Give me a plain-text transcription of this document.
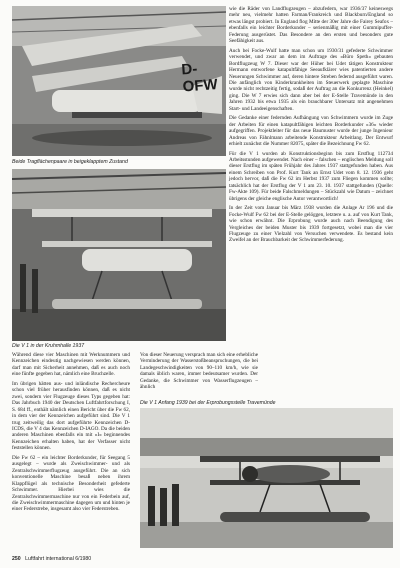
D-OFW
Beide Tragflächenpaare in beigeklapptem Zustand
Die V 1 in der Kruhmhalle 1937

wie die Räder von Landflugzeugen – abzufedern, war 1936/37 keineswegs mehr neu, vielmehr hatten Farman/Frankreich und Blackburn/England so etwas längst probiert. In England flog Mitte der 30er Jahre die Fairey Seafox – ebenfalls ein leichter Borderkunder – serienmäßig mit einer Gummipuffer-Federung ausgerüstet. Das Besondere an den ersten und besonders gute Seefähigkeit aus.

Auch bei Focke-Wulf hatte man schon um 1930/31 gefederte Schwimmer verwendet, und zwar an dem im Auftrage des »Büro Speth« gebauten Bordflugzeug W 7. Dieser war der Hüher bei Udet tätigen Konstrukteur Hermann entworfene katapultfähige Seeaufklärer wies patentierten andere Neuerungen Schwimmer auf, deren hintere Streben federnd ausgeführt waren. Die anfänglich von Kinderkrankheiten im Steuerwerk geplagte Maschine wurde nicht rechtzeitig fertig, sodaß der Auftrag an die Konkurrenz (Heinkel) ging. Die W 7 erwies sich dann aber bei der E-Stelle Travemünde in den Jahren 1932 bis etwa 1935 als ein brauchbarer Untersatz mit angenehmen Start- und Landeeigenschaften.

Die Gedanke einer federnden Aufhängung von Schwimmern wurde im Zuge der Arbeiten für einen katapultfähigen leichten Borderkunder »36« wieder aufgegriffen. Projektleiter für das neue Baumuster wurde der junge Ingenieur Andreas von Fähnlmann arbeitende Konstrukteur Arbeitlang. Der Entwurf erhielt zunächst die Nummer 82075, später die Bezeichnung Fw 62.

Für die V 1 wurden ab Konstruktionsbeginn bis zum Erstflug 112734 Arbeitsstunden aufgewendet. Nach einer – falschen – englischen Meldung soll dieser Erstflug im späten Frühjahr des Jahres 1937 stattgefunden haben. Aus einem Schreiben von Prof. Kurt Tank an Ernst Udet vom 8. 12. 1936 geht jedoch hervor, daß die Fw 62 im Herbst 1937 zum Fliegen kommen sollte; tatsächlich hat der Erstflug der V 1 am 23. 10. 1937 stattgefunden (Quelle: Fw-Akte 109). Für beide Falschmeldungen – Stückzahl wie Datum – zeichnet übrigens der gleiche englische Autor verantwortlich!

In der Zeit vom Januar bis März 1938 wurden die Anlage Ar 196 und die Focke-Wulf Fw 62 bei der E-Stelle gelöggen, letztere u. a. auf von Kurt Tank, wie schon erwähnt. Die Erprobung wurde auch nach Beendigung des Vergleiches der beiden Muster bis 1939 fortgesetzt, wobei man die vier Flugzeuge zu einer Vielzahl von Versuchen verwendete. Es bestand kein Zweifel an der Brauchbarkeit der Schwimmerfederung.

Während diese vier Maschinen mit Werknummern und Kennzeichen eindeutig nachgewiesen werden können, darf man mit Sicherheit annehmen, daß es auch noch eine fünfte gegeben hat, nämlich eine Bruchzelle.

Im übrigen hätten aus- und inländische Rechercheure schon viel früher herausfinden können, daß es nicht zwei, sondern vier Flugzeuge dieses Typs gegeben hat: Das Jahrbuch 1940 der Deutschen Luftfahrtforschung I, S. 684 ff., enthält nämlich einen Bericht über die Fw 62, in dem vier der Kennzeichen aufgeführt sind. Die V 1 trug zeitweilig das dort aufgeführte Kennzeichen D-ICDS, die V 4 das Kennzeichen D-IAGO. Da die beiden anderen Maschinen ebenfalls ein mit »I« beginnendes Kennzeichen erhalten haben, hat der Verfasser nicht feststellen können.

Die Fw 62 – ein leichter Borderkunder, für Seegang 5 ausgelegt – wurde als Zweischwimmer- und als Zentralschwimmerflugzeug ausgeführt. Die an sich konventionelle Maschine besaß neben ihrem Klappflügel als technische Besonderheit gefederte Schwimmer. Hierbei wies die Zentralschwimmermaschine nur von ein Federbein auf, die Zweischwimmermaschine dagegen um und hinten je einer Federstrebe, insgesamt also vier Federstreben.

Von dieser Neuerung versprach man sich eine erhebliche Verminderung der Wasserstoßbeanspruchungen, die bei Landegeschwindigkeiten von 90–110 km/h, wie sie damals üblich waren, immer bedeutsamer wurden. Der Gedanke, die Schwimmer von Wasserflugzeugen – ähnlich

Die V 1 Anfang 1939 bei der Erprobungsstelle Travemünde
250 Luftfahrt international 6/1980
